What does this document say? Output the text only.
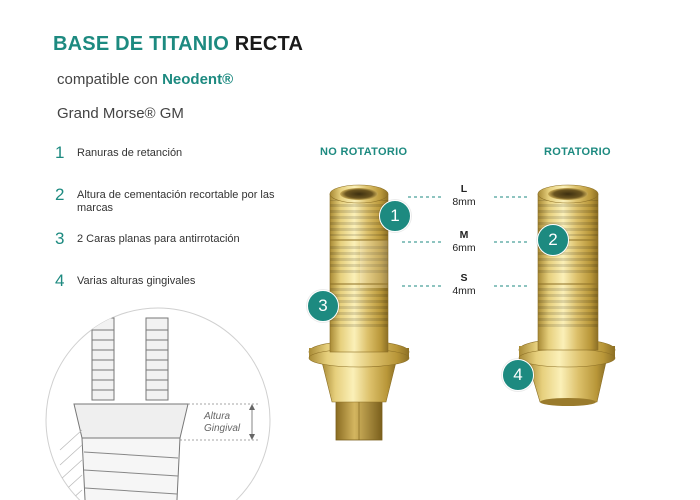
BASE DE TITANIO RECTA
compatible con Neodent®
Grand Morse® GM
1	Ranuras de retanción
2	Altura de cementación recortable por las marcas
3	2 Caras planas para antirrotación
4	Varias alturas gingivales
NO ROTATORIO	ROTATORIO
L
8mm
M
6mm
S
4mm
1
2
3
4
Altura
Gingival
